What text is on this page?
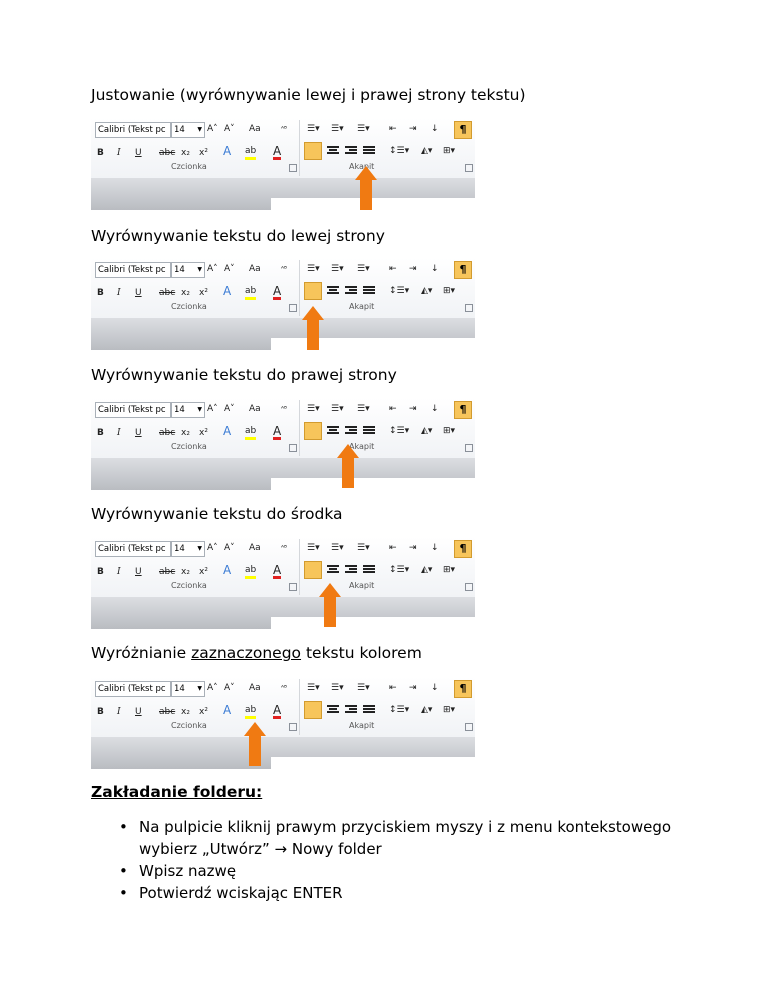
Justowanie (wyrównywanie lewej i prawej strony tekstu)
Calibri (Tekst pc 14 ▼ A˄ A˅ Aa	ᴬᴮ
B I U abc x₂ x² A ab A
Czcionka
☰▾ ☰▾ ☰▾ ⇤ ⇥ ↓	¶
↕☰▾ ◭▾ ⊞▾
Akapit
Wyrównywanie tekstu do lewej strony
Calibri (Tekst pc 14 ▼ A˄ A˅ Aa	ᴬᴮ
B I U abc x₂ x² A ab A
Czcionka
☰▾ ☰▾ ☰▾ ⇤ ⇥ ↓	¶
↕☰▾ ◭▾ ⊞▾
Akapit
Wyrównywanie tekstu do prawej strony
Calibri (Tekst pc 14 ▼ A˄ A˅ Aa	ᴬᴮ
B I U abc x₂ x² A ab A
Czcionka
☰▾ ☰▾ ☰▾ ⇤ ⇥ ↓	¶
↕☰▾ ◭▾ ⊞▾
Akapit
Wyrównywanie tekstu do środka
Calibri (Tekst pc 14 ▼ A˄ A˅ Aa	ᴬᴮ
B I U abc x₂ x² A ab A
Czcionka
☰▾ ☰▾ ☰▾ ⇤ ⇥ ↓	¶
↕☰▾ ◭▾ ⊞▾
Akapit
Wyróżnianie zaznaczonego tekstu kolorem
Calibri (Tekst pc 14 ▼ A˄ A˅ Aa	ᴬᴮ
B I U abc x₂ x² A ab A
Czcionka
☰▾ ☰▾ ☰▾ ⇤ ⇥ ↓	¶
↕☰▾ ◭▾ ⊞▾
Akapit
Zakładanie folderu:
• Na pulpicie kliknij prawym przyciskiem myszy i z menu kontekstowego wybierz „Utwórz” → Nowy folder
• Wpisz nazwę
• Potwierdź wciskając ENTER
